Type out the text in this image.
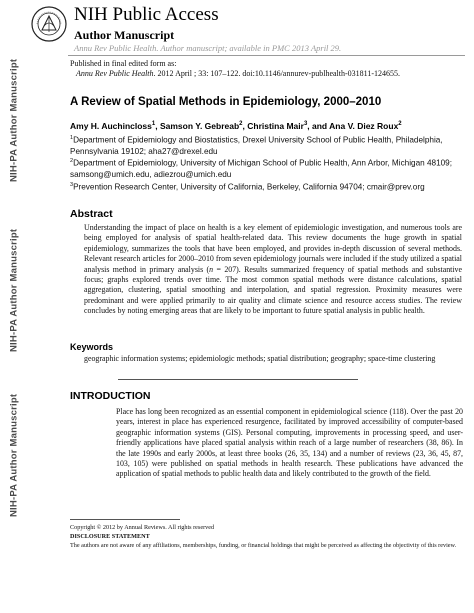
NIH-PA Author Manuscript
NIH-PA Author Manuscript
NIH-PA Author Manuscript
NIH Public Access
Author Manuscript
Annu Rev Public Health. Author manuscript; available in PMC 2013 April 29.
Published in final edited form as:
Annu Rev Public Health. 2012 April ; 33: 107–122. doi:10.1146/annurev-publhealth-031811-124655.
A Review of Spatial Methods in Epidemiology, 2000–2010
Amy H. Auchincloss$^1$, Samson Y. Gebreab$^2$, Christina Mair$^3$, and Ana V. Diez Roux$^2$
$^1$Department of Epidemiology and Biostatistics, Drexel University School of Public Health, Philadelphia, Pennsylvania 19102; aha27@drexel.edu
$^2$Department of Epidemiology, University of Michigan School of Public Health, Ann Arbor, Michigan 48109; samsong@umich.edu, adiezrou@umich.edu
$^3$Prevention Research Center, University of California, Berkeley, California 94704; cmair@prev.org
Abstract
Understanding the impact of place on health is a key element of epidemiologic investigation, and numerous tools are being employed for analysis of spatial health-related data. This review documents the huge growth in spatial epidemiology, summarizes the tools that have been employed, and provides in-depth discussion of several methods. Relevant research articles for 2000–2010 from seven epidemiology journals were included if the study utilized a spatial analysis method in primary analysis (n = 207). Results summarized frequency of spatial methods and substantive focus; graphs explored trends over time. The most common spatial methods were distance calculations, spatial aggregation, clustering, spatial smoothing and interpolation, and spatial regression. Proximity measures were predominant and were applied primarily to air quality and climate science and resource access studies. The review concludes by noting emerging areas that are likely to be important to future spatial analysis in public health.
Keywords
geographic information systems; epidemiologic methods; spatial distribution; geography; space-time clustering
INTRODUCTION
Place has long been recognized as an essential component in epidemiological science (118). Over the past 20 years, interest in place has experienced resurgence, facilitated by improved accessibility of computer-based geographic information systems (GIS). Personal computing, improvements in processing speed, and user-friendly applications have placed spatial analysis within reach of a large number of researchers (38, 86). In the late 1990s and early 2000s, at least three books (26, 35, 134) and a number of reviews (23, 36, 45, 87, 103, 105) were published on spatial methods in health research. These publications have advanced the application of spatial methods to public health data and likely contributed to the growth of the field.
Copyright © 2012 by Annual Reviews. All rights reserved
DISCLOSURE STATEMENT
The authors are not aware of any affiliations, memberships, funding, or financial holdings that might be perceived as affecting the objectivity of this review.
